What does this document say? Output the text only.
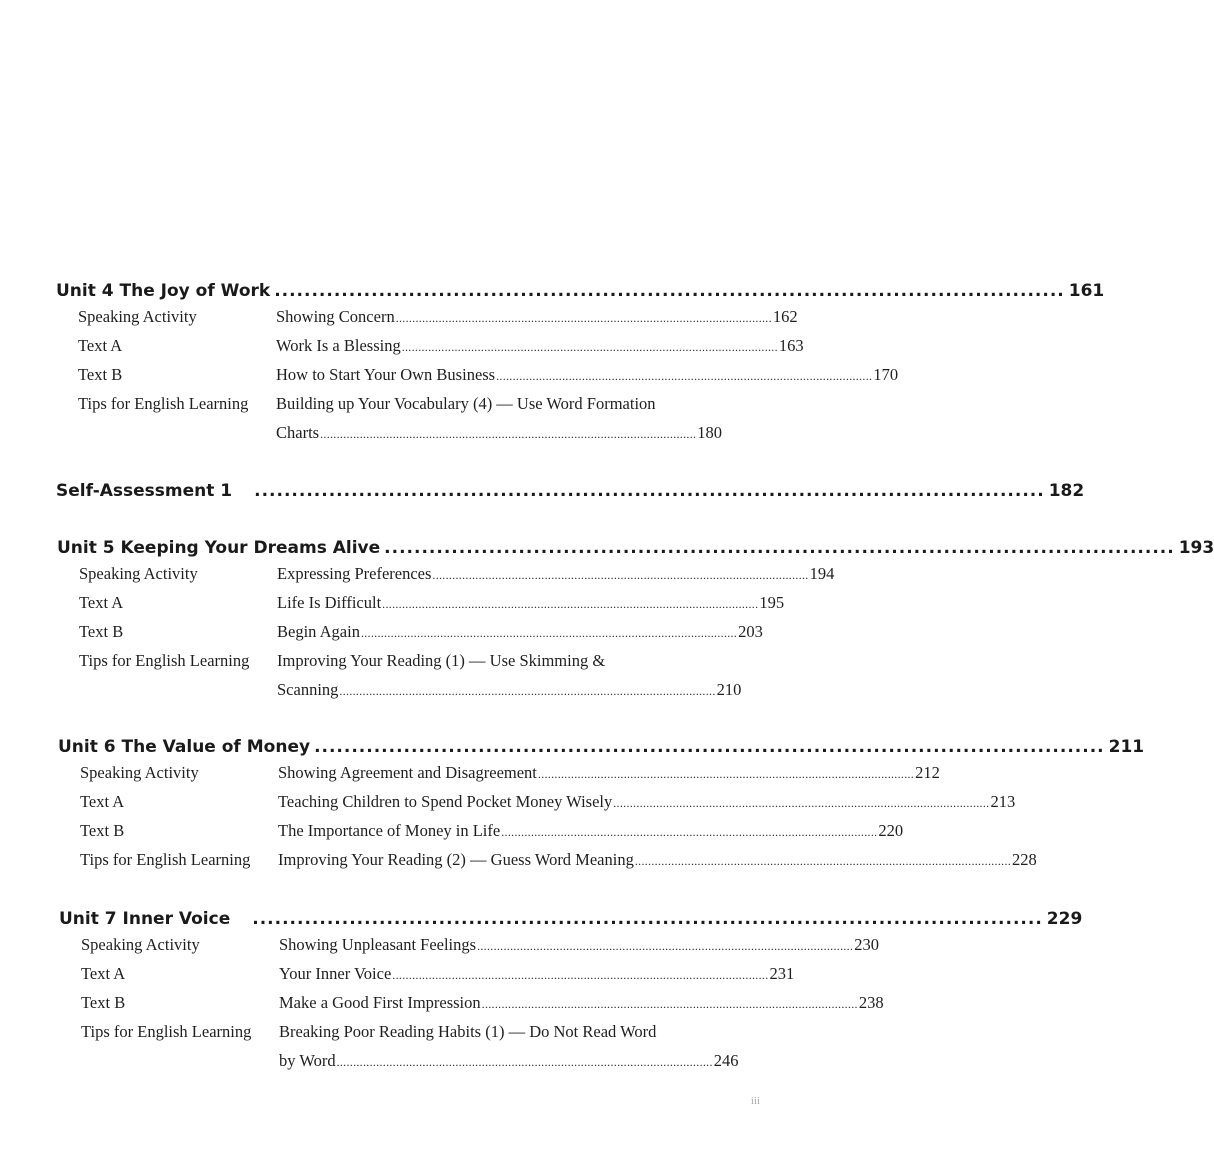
Unit 4 The Joy of Work .......................................................................................................... 161
Speaking Activity	Showing Concern .................................................................................................................. 162
Text A	Work Is a Blessing .................................................................................................................. 163
Text B	How to Start Your Own Business .................................................................................................................. 170
Tips for English Learning	Building up Your Vocabulary (4) — Use Word Formation
Charts .................................................................................................................. 180
Self-Assessment 1 .......................................................................................................... 182
Unit 5 Keeping Your Dreams Alive .......................................................................................................... 193
Speaking Activity	Expressing Preferences .................................................................................................................. 194
Text A	Life Is Difficult .................................................................................................................. 195
Text B	Begin Again .................................................................................................................. 203
Tips for English Learning	Improving Your Reading (1) — Use Skimming &
Scanning .................................................................................................................. 210
Unit 6 The Value of Money .......................................................................................................... 211
Speaking Activity	Showing Agreement and Disagreement .................................................................................................................. 212
Text A	Teaching Children to Spend Pocket Money Wisely .................................................................................................................. 213
Text B	The Importance of Money in Life .................................................................................................................. 220
Tips for English Learning	Improving Your Reading (2) — Guess Word Meaning .................................................................................................................. 228
Unit 7 Inner Voice .......................................................................................................... 229
Speaking Activity	Showing Unpleasant Feelings .................................................................................................................. 230
Text A	Your Inner Voice .................................................................................................................. 231
Text B	Make a Good First Impression .................................................................................................................. 238
Tips for English Learning	Breaking Poor Reading Habits (1) — Do Not Read Word
by Word .................................................................................................................. 246
iii
